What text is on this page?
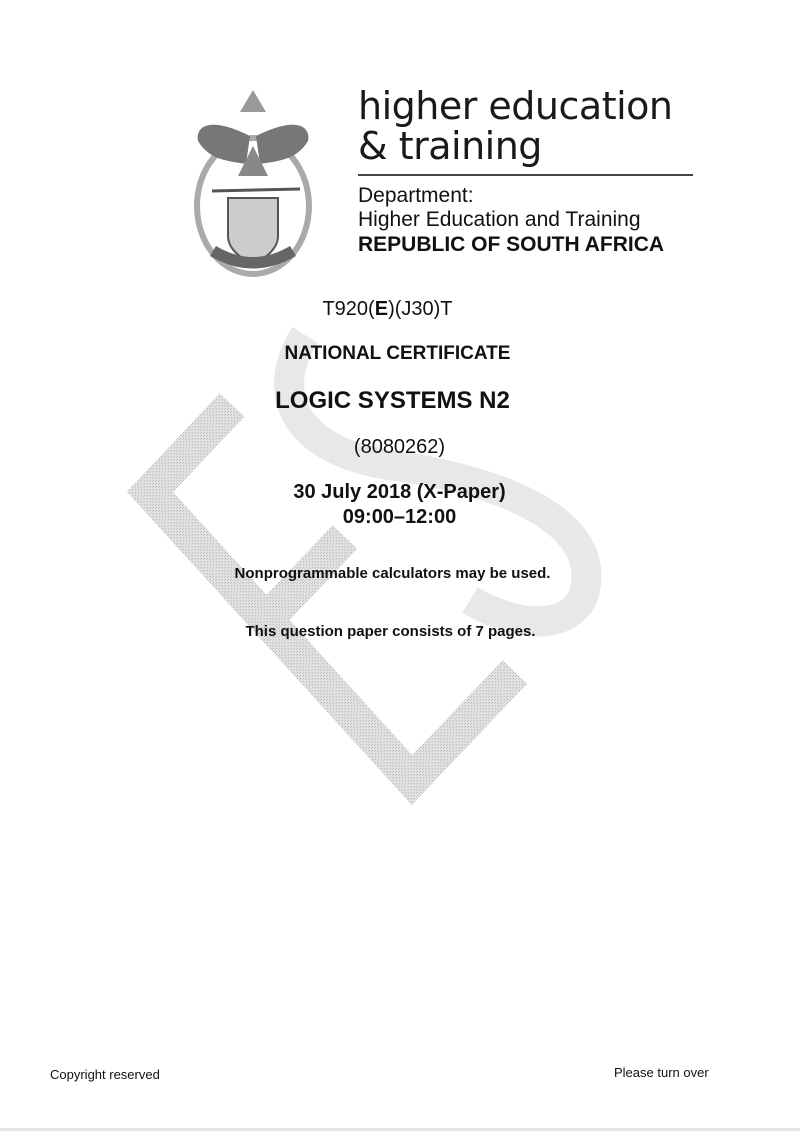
higher education
& training
Department:
Higher Education and Training
REPUBLIC OF SOUTH AFRICA
T920(E)(J30)T
NATIONAL CERTIFICATE
LOGIC SYSTEMS N2
(8080262)
30 July 2018 (X-Paper)
09:00–12:00
Nonprogrammable calculators may be used.
This question paper consists of 7 pages.
Copyright reserved	Please turn over
